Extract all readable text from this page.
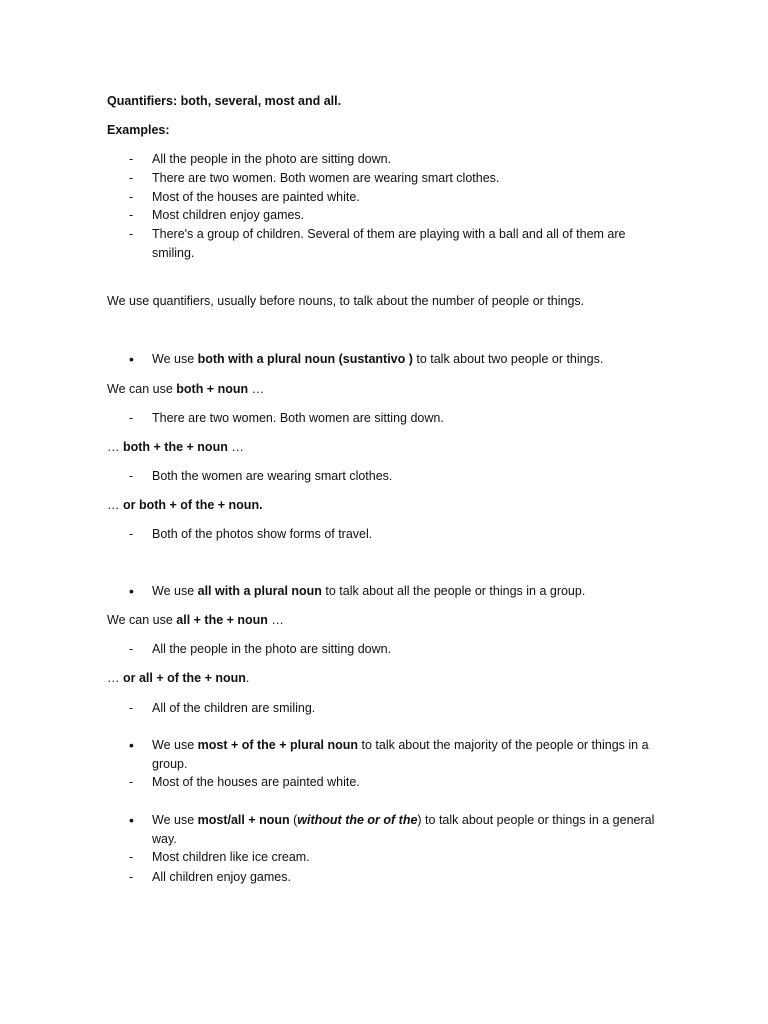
Quantifiers: both, several, most and all.
Examples:
- All the people in the photo are sitting down.
- There are two women. Both women are wearing smart clothes.
- Most of the houses are painted white.
- Most children enjoy games.
- There's a group of children. Several of them are playing with a ball and all of them are
smiling.
We use quantifiers, usually before nouns, to talk about the number of people or things.
• We use both with a plural noun (sustantivo ) to talk about two people or things.
We can use both + noun …
- There are two women. Both women are sitting down.
… both + the + noun …
- Both the women are wearing smart clothes.
… or both + of the + noun.
- Both of the photos show forms of travel.
• We use all with a plural noun to talk about all the people or things in a group.
We can use all + the + noun …
- All the people in the photo are sitting down.
… or all + of the + noun.
- All of the children are smiling.
• We use most + of the + plural noun to talk about the majority of the people or things in a
group.
- Most of the houses are painted white.
• We use most/all + noun (without the or of the) to talk about people or things in a general
way.
- Most children like ice cream.
- All children enjoy games.
